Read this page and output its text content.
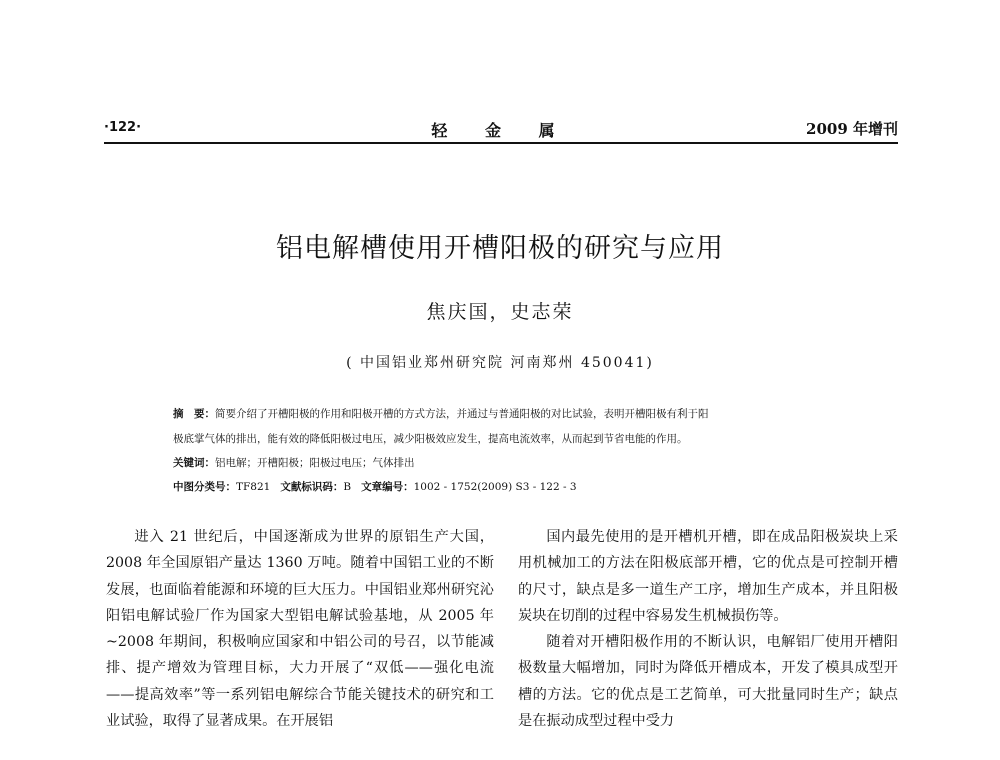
·122·	轻 金 属	2009 年增刊
铝电解槽使用开槽阳极的研究与应用
焦庆国，史志荣
( 中国铝业郑州研究院 河南郑州 450041)
摘　要：简要介绍了开槽阳极的作用和阳极开槽的方式方法，并通过与普通阳极的对比试验，表明开槽阳极有利于阳
极底掌气体的排出，能有效的降低阳极过电压，减少阳极效应发生，提高电流效率，从而起到节省电能的作用。
关键词：铝电解；开槽阳极；阳极过电压；气体排出
中图分类号：TF821 文献标识码：B 文章编号：1002 - 1752(2009) S3 - 122 - 3

进入 21 世纪后，中国逐渐成为世界的原铝生产大国，2008 年全国原铝产量达 1360 万吨。随着中国铝工业的不断发展，也面临着能源和环境的巨大压力。中国铝业郑州研究沁阳铝电解试验厂作为国家大型铝电解试验基地，从 2005 年 ~2008 年期间，积极响应国家和中铝公司的号召，以节能减排、提产增效为管理目标，大力开展了“双低——强化电流——提高效率”等一系列铝电解综合节能关键技术的研究和工业试验，取得了显著成果。在开展铝

国内最先使用的是开槽机开槽，即在成品阳极炭块上采用机械加工的方法在阳极底部开槽，它的优点是可控制开槽的尺寸，缺点是多一道生产工序，增加生产成本，并且阳极炭块在切削的过程中容易发生机械损伤等。

随着对开槽阳极作用的不断认识，电解铝厂使用开槽阳极数量大幅增加，同时为降低开槽成本，开发了模具成型开槽的方法。它的优点是工艺简单，可大批量同时生产；缺点是在振动成型过程中受力
